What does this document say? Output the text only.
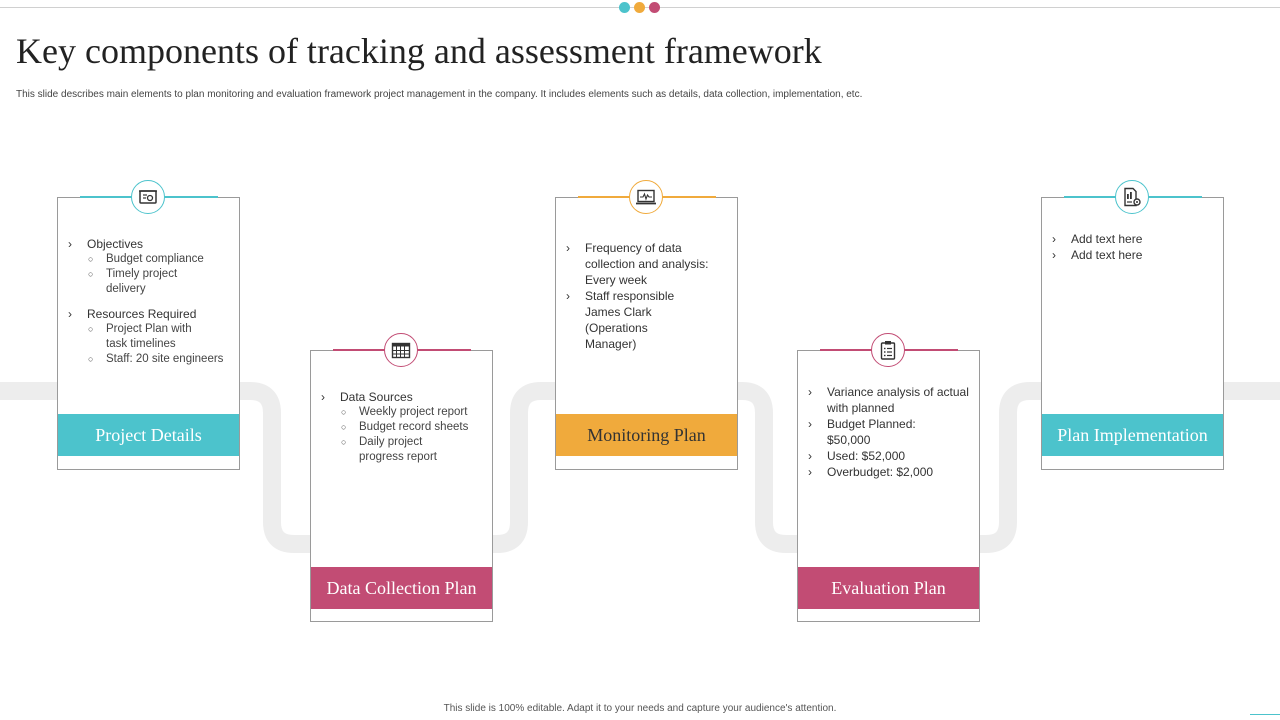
Key components of tracking and assessment framework
This slide describes main elements to plan monitoring and evaluation framework project management in the company. It includes elements such as details, data collection, implementation, etc.
› Objectives
○ Budget compliance
○ Timely project delivery
› Resources Required
○ Project Plan with task timelines
○ Staff: 20 site engineers
Project Details
› Data Sources
○ Weekly project report
○ Budget record sheets
○ Daily project progress report
Data Collection Plan
› Frequency of data collection and analysis: Every week
› Staff responsible James Clark (Operations Manager)
Monitoring Plan
› Variance analysis of actual with planned
› Budget Planned: $50,000
› Used: $52,000
› Overbudget: $2,000
Evaluation Plan
› Add text here
› Add text here
Plan Implementation
This slide is 100% editable. Adapt it to your needs and capture your audience's attention.
